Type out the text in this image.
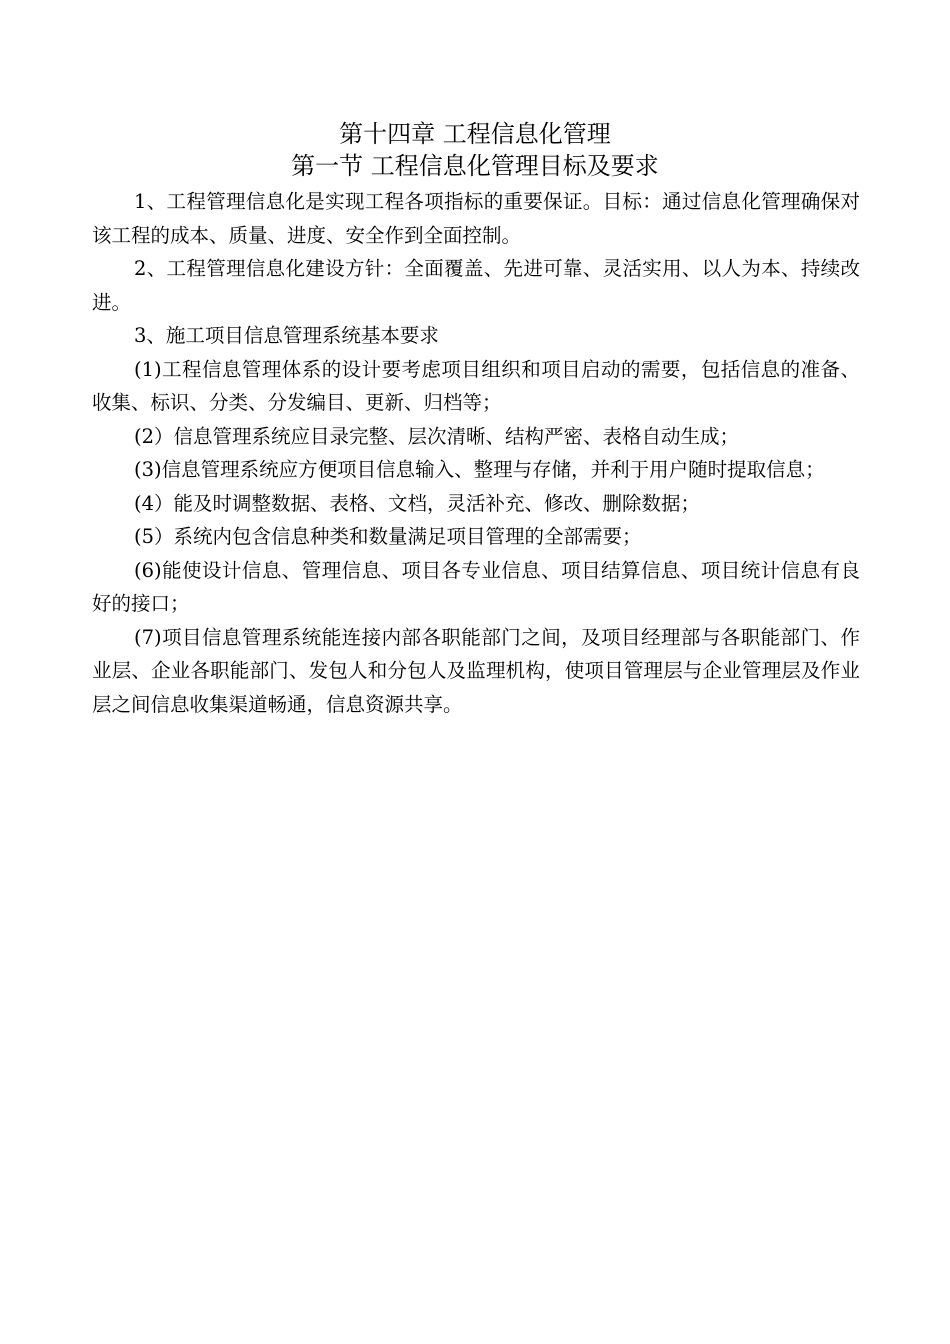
第十四章 工程信息化管理
第一节 工程信息化管理目标及要求

1、工程管理信息化是实现工程各项指标的重要保证。目标：通过信息化管理确保对该工程的成本、质量、进度、安全作到全面控制。

2、工程管理信息化建设方针：全面覆盖、先进可靠、灵活实用、以人为本、持续改进。

3、施工项目信息管理系统基本要求

(1)工程信息管理体系的设计要考虑项目组织和项目启动的需要，包括信息的准备、收集、标识、分类、分发编目、更新、归档等；

(2）信息管理系统应目录完整、层次清晰、结构严密、表格自动生成；

(3)信息管理系统应方便项目信息输入、整理与存储，并利于用户随时提取信息；

(4）能及时调整数据、表格、文档，灵活补充、修改、删除数据；

(5）系统内包含信息种类和数量满足项目管理的全部需要；

(6)能使设计信息、管理信息、项目各专业信息、项目结算信息、项目统计信息有良好的接口；

(7)项目信息管理系统能连接内部各职能部门之间，及项目经理部与各职能部门、作业层、企业各职能部门、发包人和分包人及监理机构，使项目管理层与企业管理层及作业层之间信息收集渠道畅通，信息资源共享。
